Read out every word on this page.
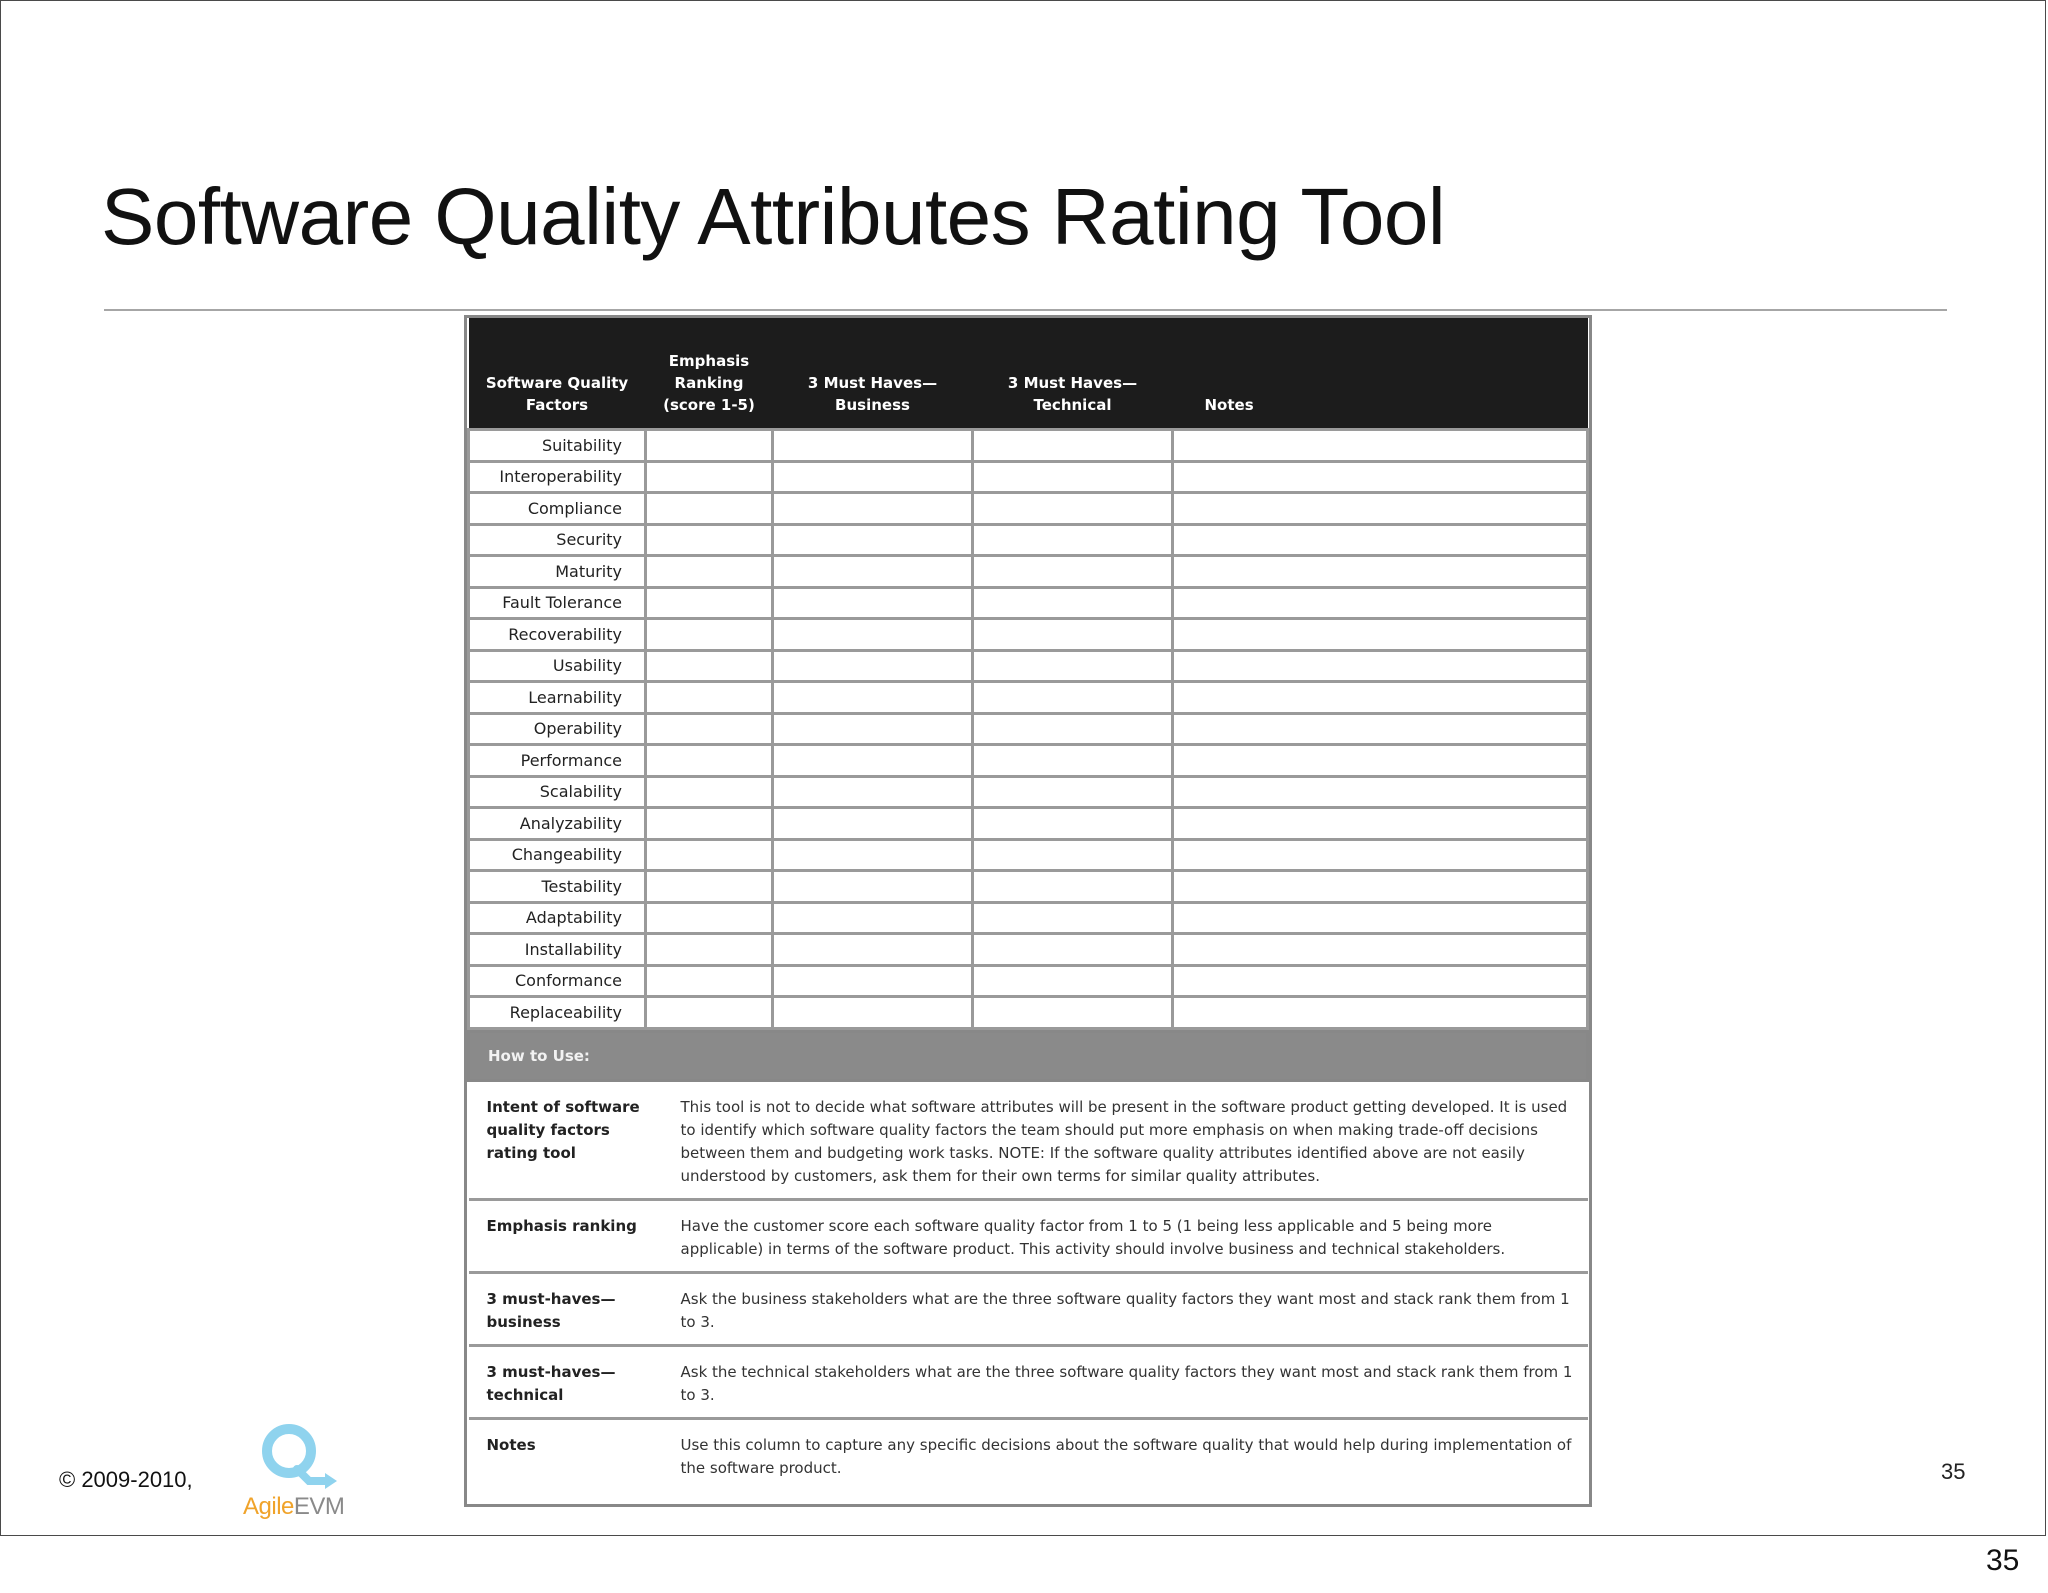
Software Quality Attributes Rating Tool
Software Quality Factors	Emphasis Ranking (score 1-5)	3 Must Haves— Business	3 Must Haves— Technical	Notes
Suitability				
Interoperability				
Compliance				
Security				
Maturity				
Fault Tolerance				
Recoverability				
Usability				
Learnability				
Operability				
Performance				
Scalability				
Analyzability				
Changeability				
Testability				
Adaptability				
Installability				
Conformance				
Replaceability				
How to Use:	
Intent of software quality factors rating tool	This tool is not to decide what software attributes will be present in the software product getting developed. It is used to identify which software quality factors the team should put more emphasis on when making trade-off decisions between them and budgeting work tasks. NOTE: If the software quality attributes identified above are not easily understood by customers, ask them for their own terms for similar quality attributes.
Emphasis ranking	Have the customer score each software quality factor from 1 to 5 (1 being less applicable and 5 being more applicable) in terms of the software product. This activity should involve business and technical stakeholders.
3 must-haves— business	Ask the business stakeholders what are the three software quality factors they want most and stack rank them from 1 to 3.
3 must-haves— technical	Ask the technical stakeholders what are the three software quality factors they want most and stack rank them from 1 to 3.
Notes	Use this column to capture any specific decisions about the software quality that would help during implementation of the software product.
© 2009-2010,
AgileEVM
35
35
